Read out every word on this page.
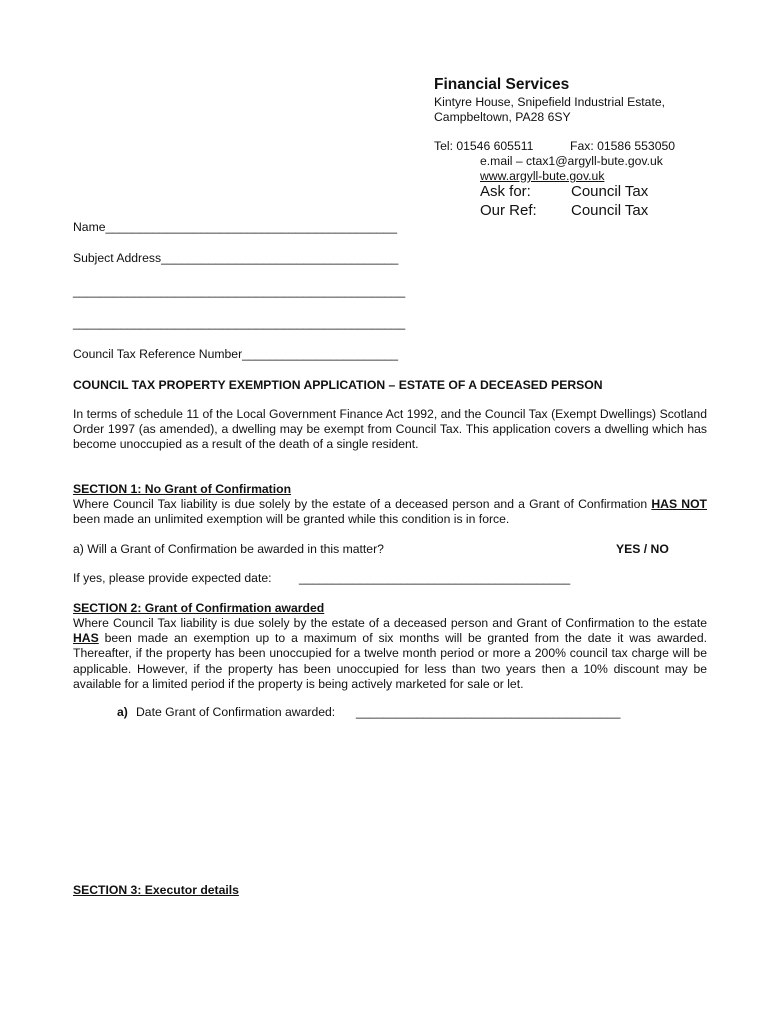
Financial Services
Kintyre House, Snipefield Industrial Estate,
Campbeltown, PA28 6SY
Tel: 01546 605511	Fax: 01586 553050
e.mail – ctax1@argyll-bute.gov.uk
www.argyll-bute.gov.uk
Ask for:	Council Tax
Our Ref: Council Tax
Name___________________________________________
Subject Address___________________________________
_________________________________________________
_________________________________________________
Council Tax Reference Number_______________________
COUNCIL TAX PROPERTY EXEMPTION APPLICATION – ESTATE OF A DECEASED PERSON
In terms of schedule 11 of the Local Government Finance Act 1992, and the Council Tax (Exempt Dwellings) Scotland Order 1997 (as amended), a dwelling may be exempt from Council Tax. This application covers a dwelling which has become unoccupied as a result of the death of a single resident.
SECTION 1: No Grant of Confirmation
Where Council Tax liability is due solely by the estate of a deceased person and a Grant of Confirmation HAS NOT been made an unlimited exemption will be granted while this condition is in force.
a) Will a Grant of Confirmation be awarded in this matter?	YES / NO
If yes, please provide expected date: ________________________________________
SECTION 2: Grant of Confirmation awarded
Where Council Tax liability is due solely by the estate of a deceased person and Grant of Confirmation to the estate HAS been made an exemption up to a maximum of six months will be granted from the date it was awarded. Thereafter, if the property has been unoccupied for a twelve month period or more a 200% council tax charge will be applicable. However, if the property has been unoccupied for less than two years then a 10% discount may be available for a limited period if the property is being actively marketed for sale or let.
a) Date Grant of Confirmation awarded: _______________________________________
SECTION 3: Executor details
